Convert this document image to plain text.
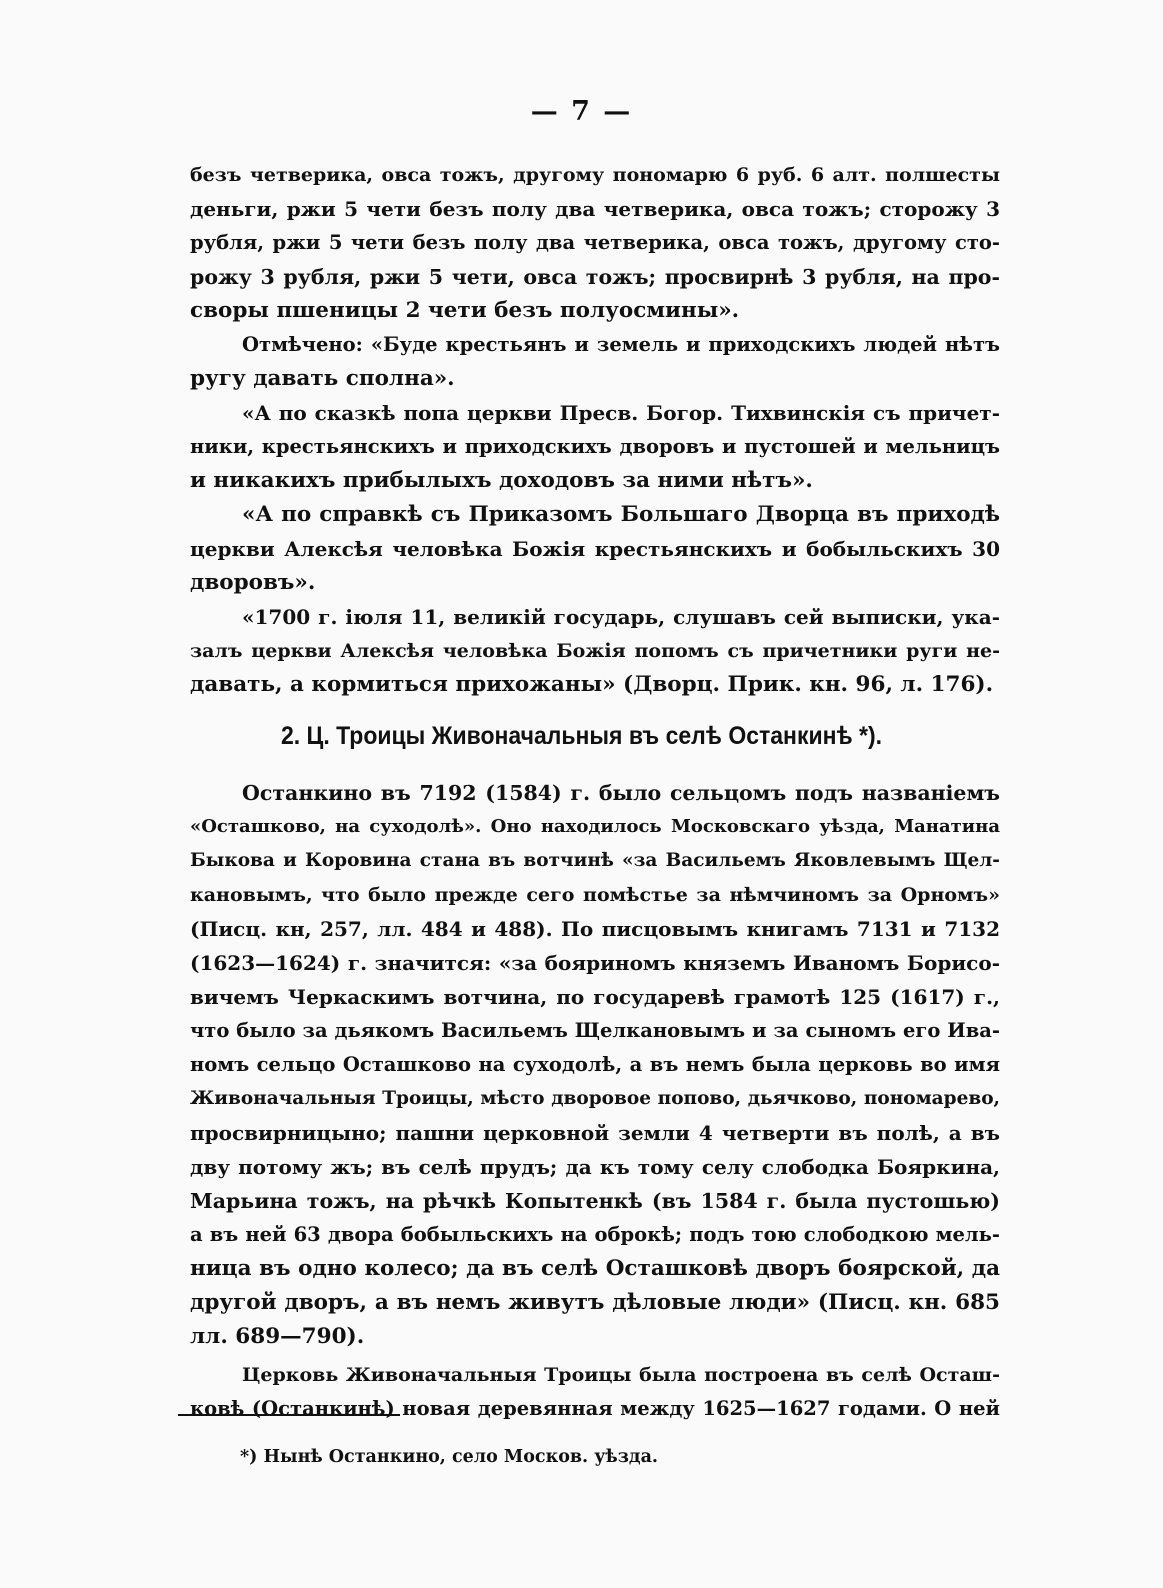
— 7 —
безъ четверика, овса тожъ, другому пономарю 6 руб. 6 алт. полшесты
деньги, ржи 5 чети безъ полу два четверика, овса тожъ; сторожу 3
рубля, ржи 5 чети безъ полу два четверика, овса тожъ, другому сто-
рожу 3 рубля, ржи 5 чети, овса тожъ; просвирнѣ 3 рубля, на про-
своры пшеницы 2 чети безъ полуосмины».
Отмѣчено: «Буде крестьянъ и земель и приходскихъ людей нѣтъ
ругу давать сполна».
«А по сказкѣ попа церкви Пресв. Богор. Тихвинскія съ причет-
ники, крестьянскихъ и приходскихъ дворовъ и пустошей и мельницъ
и никакихъ прибылыхъ доходовъ за ними нѣтъ».
«А по справкѣ съ Приказомъ Большаго Дворца въ приходѣ
церкви Алексѣя человѣка Божія крестьянскихъ и бобыльскихъ 30
дворовъ».
«1700 г. іюля 11, великій государь, слушавъ сей выписки, ука-
залъ церкви Алексѣя человѣка Божія попомъ съ причетники руги не-
давать, а кормиться прихожаны» (Дворц. Прик. кн. 96, л. 176).
2. Ц. Троицы Живоначальныя въ селѣ Останкинѣ *).
Останкино въ 7192 (1584) г. было сельцомъ подъ названіемъ
«Осташково, на суходолѣ». Оно находилось Московскаго уѣзда, Манатина
Быкова и Коровина стана въ вотчинѣ «за Васильемъ Яковлевымъ Щел-
кановымъ, что было прежде сего помѣстье за нѣмчиномъ за Орномъ»
(Писц. кн, 257, лл. 484 и 488). По писцовымъ книгамъ 7131 и 7132
(1623—1624) г. значится: «за бояриномъ княземъ Иваномъ Борисо-
вичемъ Черкаскимъ вотчина, по государевѣ грамотѣ 125 (1617) г.,
что было за дьякомъ Васильемъ Щелкановымъ и за сыномъ его Ива-
номъ сельцо Осташково на суходолѣ, а въ немъ была церковь во имя
Живоначальныя Троицы, мѣсто дворовое попово, дьячково, пономарево,
просвирницыно; пашни церковной земли 4 четверти въ полѣ, а въ
дву потому жъ; въ селѣ прудъ; да къ тому селу слободка Бояркина,
Марьина тожъ, на рѣчкѣ Копытенкѣ (въ 1584 г. была пустошью)
а въ ней 63 двора бобыльскихъ на оброкѣ; подъ тою слободкою мель-
ница въ одно колесо; да въ селѣ Осташковѣ дворъ боярской, да
другой дворъ, а въ немъ живутъ дѣловые люди» (Писц. кн. 685
лл. 689—790).
Церковь Живоначальныя Троицы была построена въ селѣ Осташ-
ковѣ (Останкинѣ) новая деревянная между 1625—1627 годами. О ней
*) Нынѣ Останкино, село Москов. уѣзда.
